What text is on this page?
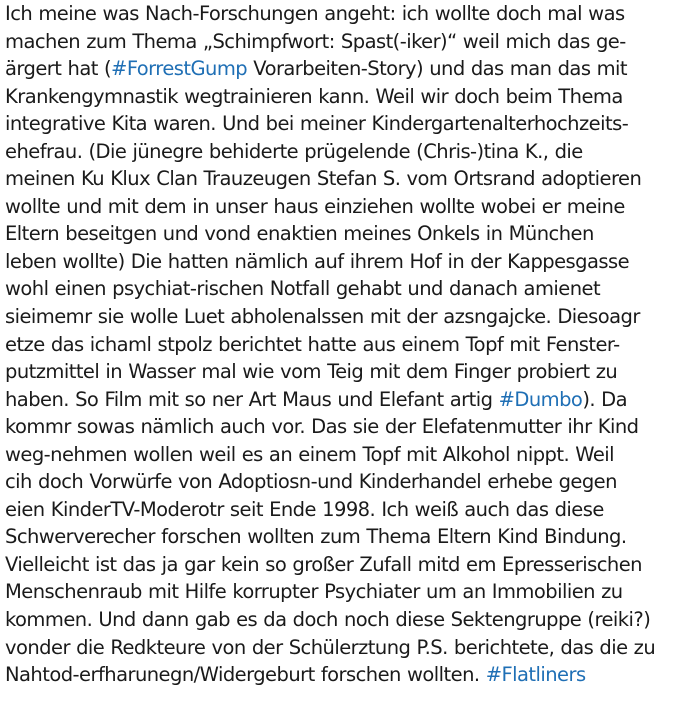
Ich meine was Nach-Forschungen angeht: ich wollte doch mal was
machen zum Thema „Schimpfwort: Spast(-iker)“ weil mich das ge-
ärgert hat (#ForrestGump Vorarbeiten-Story) und das man das mit
Krankengymnastik wegtrainieren kann. Weil wir doch beim Thema
integrative Kita waren. Und bei meiner Kindergartenalterhochzeits-
ehefrau. (Die jünegre behiderte prügelende (Chris-)tina K., die
meinen Ku Klux Clan Trauzeugen Stefan S. vom Ortsrand adoptieren
wollte und mit dem in unser haus einziehen wollte wobei er meine
Eltern beseitgen und vond enaktien meines Onkels in München
leben wollte) Die hatten nämlich auf ihrem Hof in der Kappesgasse
wohl einen psychiat-rischen Notfall gehabt und danach amienet
sieimemr sie wolle Luet abholenalssen mit der azsngajcke. Diesoagr
etze das ichaml stpolz berichtet hatte aus einem Topf mit Fenster-
putzmittel in Wasser mal wie vom Teig mit dem Finger probiert zu
haben. So Film mit so ner Art Maus und Elefant artig #Dumbo). Da
kommr sowas nämlich auch vor. Das sie der Elefatenmutter ihr Kind
weg-nehmen wollen weil es an einem Topf mit Alkohol nippt. Weil
cih doch Vorwürfe von Adoptiosn-und Kinderhandel erhebe gegen
eien KinderTV-Moderotr seit Ende 1998. Ich weiß auch das diese
Schwerverecher forschen wollten zum Thema Eltern Kind Bindung.
Vielleicht ist das ja gar kein so großer Zufall mitd em Epresserischen
Menschenraub mit Hilfe korrupter Psychiater um an Immobilien zu
kommen. Und dann gab es da doch noch diese Sektengruppe (reiki?)
vonder die Redkteure von der Schülerztung P.S. berichtete, das die zu
Nahtod-erfharunegn/Widergeburt forschen wollten. #Flatliners
